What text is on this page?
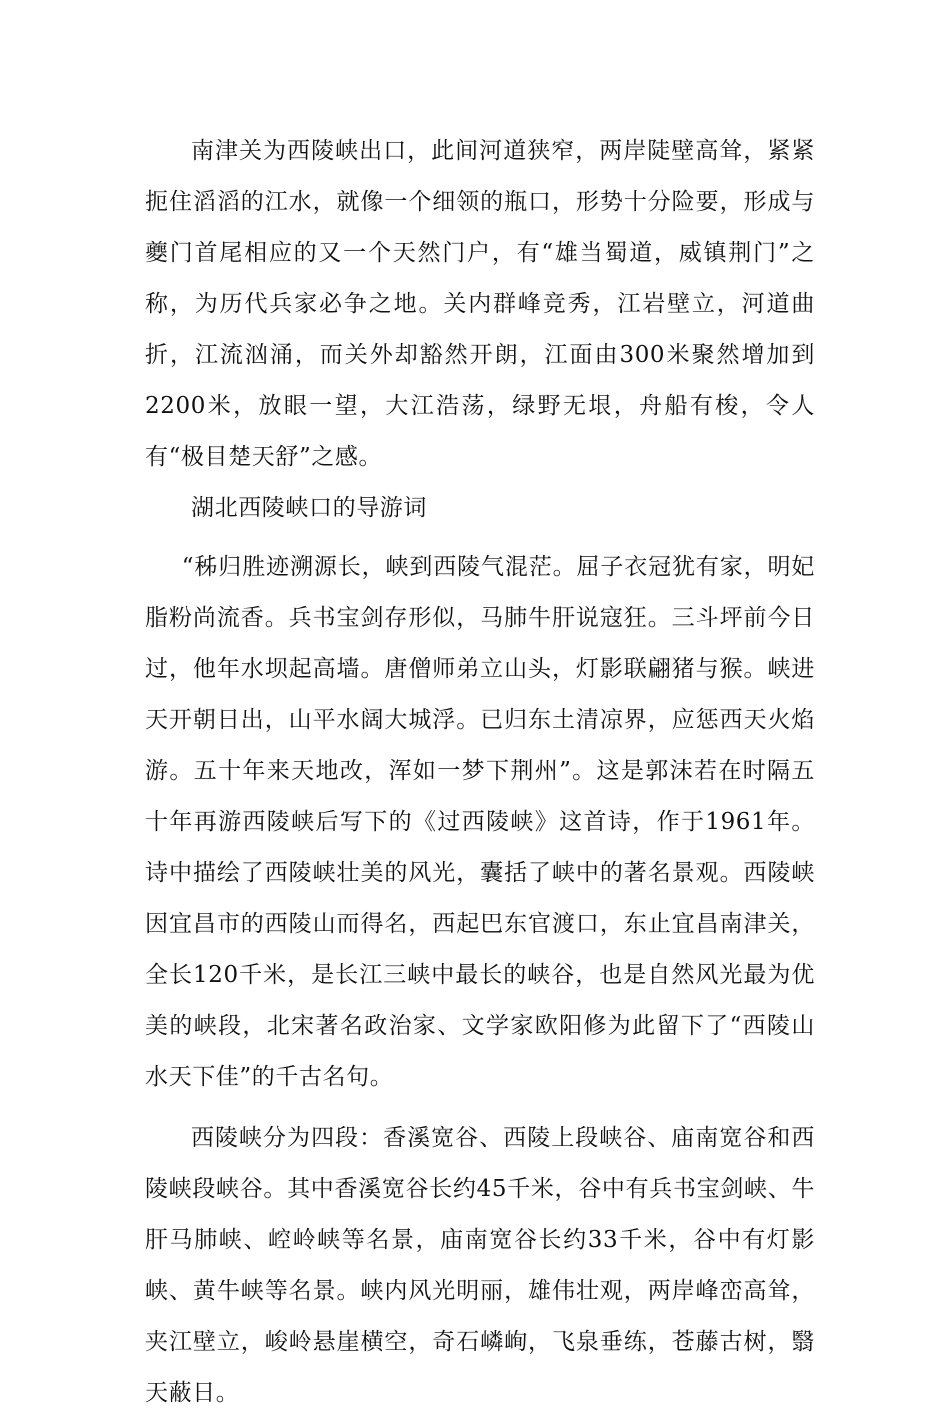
南津关为西陵峡出口，此间河道狭窄，两岸陡壁高耸，紧紧扼住滔滔的江水，就像一个细领的瓶口，形势十分险要，形成与夔门首尾相应的又一个天然门户，有“雄当蜀道，威镇荆门”之称，为历代兵家必争之地。关内群峰竞秀，江岩壁立，河道曲折，江流汹涌，而关外却豁然开朗，江面由300米聚然增加到2200米，放眼一望，大江浩荡，绿野无垠，舟船有梭，令人有“极目楚天舒”之感。

湖北西陵峡口的导游词

“秭归胜迹溯源长，峡到西陵气混茫。屈子衣冠犹有家，明妃脂粉尚流香。兵书宝剑存形似，马肺牛肝说寇狂。三斗坪前今日过，他年水坝起高墙。唐僧师弟立山头，灯影联翩猪与猴。峡进天开朝日出，山平水阔大城浮。已归东土清凉界，应惩西天火焰游。五十年来天地改，浑如一梦下荆州”。这是郭沫若在时隔五十年再游西陵峡后写下的《过西陵峡》这首诗，作于1961年。诗中描绘了西陵峡壮美的风光，囊括了峡中的著名景观。西陵峡因宜昌市的西陵山而得名，西起巴东官渡口，东止宜昌南津关，全长120千米，是长江三峡中最长的峡谷，也是自然风光最为优美的峡段，北宋著名政治家、文学家欧阳修为此留下了“西陵山水天下佳”的千古名句。

西陵峡分为四段：香溪宽谷、西陵上段峡谷、庙南宽谷和西陵峡段峡谷。其中香溪宽谷长约45千米，谷中有兵书宝剑峡、牛肝马肺峡、崆岭峡等名景，庙南宽谷长约33千米，谷中有灯影峡、黄牛峡等名景。峡内风光明丽，雄伟壮观，两岸峰峦高耸，夹江壁立，峻岭悬崖横空，奇石嶙峋，飞泉垂练，苍藤古树，翳天蔽日。
